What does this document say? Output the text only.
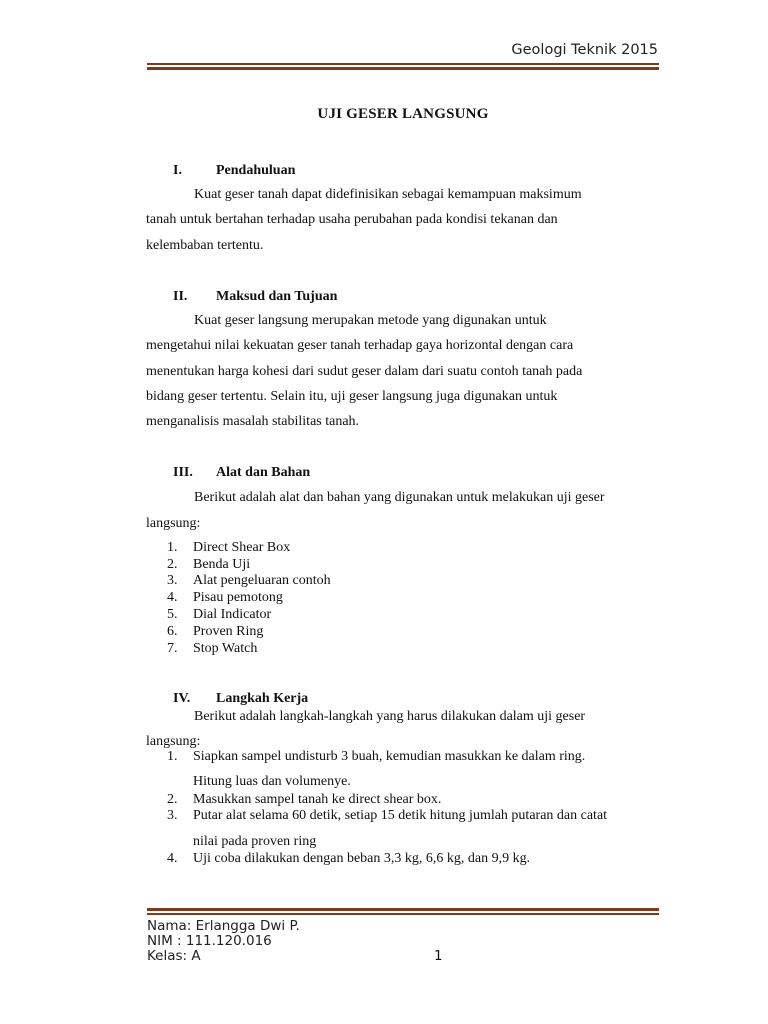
Geologi Teknik 2015
UJI GESER LANGSUNG
I. Pendahuluan
Kuat geser tanah dapat didefinisikan sebagai kemampuan maksimum
tanah untuk bertahan terhadap usaha perubahan pada kondisi tekanan dan
kelembaban tertentu.
II. Maksud dan Tujuan
Kuat geser langsung merupakan metode yang digunakan untuk
mengetahui nilai kekuatan geser tanah terhadap gaya horizontal dengan cara
menentukan harga kohesi dari sudut geser dalam dari suatu contoh tanah pada
bidang geser tertentu. Selain itu, uji geser langsung juga digunakan untuk
menganalisis masalah stabilitas tanah.
III. Alat dan Bahan
Berikut adalah alat dan bahan yang digunakan untuk melakukan uji geser
langsung:
1. Direct Shear Box
2. Benda Uji
3. Alat pengeluaran contoh
4. Pisau pemotong
5. Dial Indicator
6. Proven Ring
7. Stop Watch
IV. Langkah Kerja
Berikut adalah langkah-langkah yang harus dilakukan dalam uji geser
langsung:
1. Siapkan sampel undisturb 3 buah, kemudian masukkan ke dalam ring.
Hitung luas dan volumenye.
2. Masukkan sampel tanah ke direct shear box.
3. Putar alat selama 60 detik, setiap 15 detik hitung jumlah putaran dan catat
nilai pada proven ring
4. Uji coba dilakukan dengan beban 3,3 kg, 6,6 kg, dan 9,9 kg.
Nama: Erlangga Dwi P.
NIM : 111.120.016
Kelas: A	1
